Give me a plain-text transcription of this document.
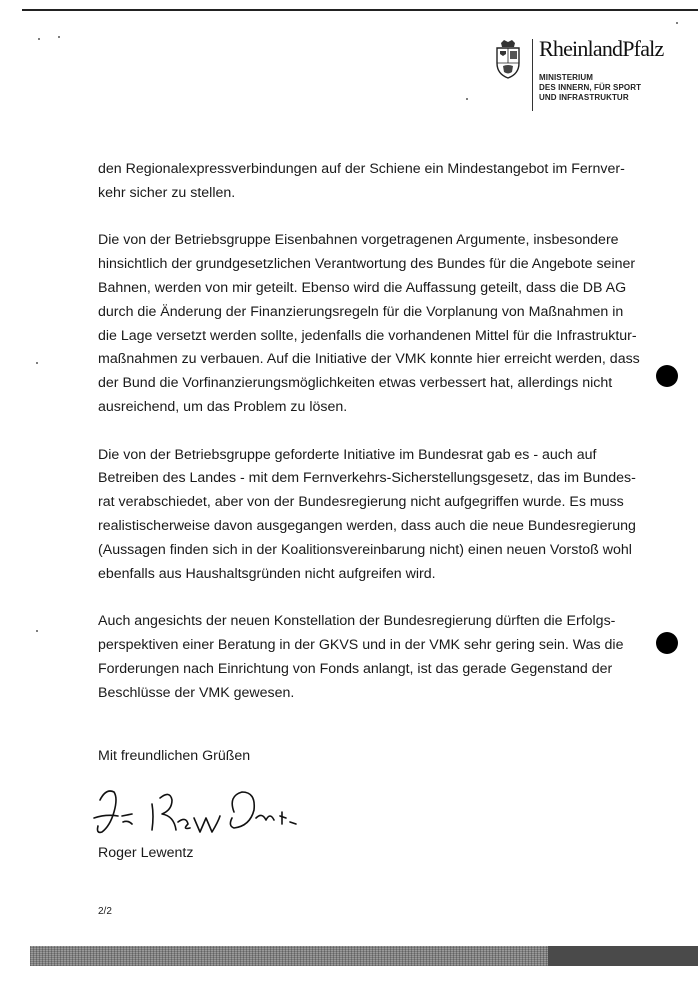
RheinlandPfalz
MINISTERIUM
DES INNERN, FÜR SPORT
UND INFRASTRUKTUR

den Regionalexpressverbindungen auf der Schiene ein Mindestangebot im Fernver-
kehr sicher zu stellen.

Die von der Betriebsgruppe Eisenbahnen vorgetragenen Argumente, insbesondere
hinsichtlich der grundgesetzlichen Verantwortung des Bundes für die Angebote seiner
Bahnen, werden von mir geteilt. Ebenso wird die Auffassung geteilt, dass die DB AG
durch die Änderung der Finanzierungsregeln für die Vorplanung von Maßnahmen in
die Lage versetzt werden sollte, jedenfalls die vorhandenen Mittel für die Infrastruktur-
maßnahmen zu verbauen. Auf die Initiative der VMK konnte hier erreicht werden, dass
der Bund die Vorfinanzierungsmöglichkeiten etwas verbessert hat, allerdings nicht
ausreichend, um das Problem zu lösen.

Die von der Betriebsgruppe geforderte Initiative im Bundesrat gab es - auch auf
Betreiben des Landes - mit dem Fernverkehrs-Sicherstellungsgesetz, das im Bundes-
rat verabschiedet, aber von der Bundesregierung nicht aufgegriffen wurde. Es muss
realistischerweise davon ausgegangen werden, dass auch die neue Bundesregierung
(Aussagen finden sich in der Koalitionsvereinbarung nicht) einen neuen Vorstoß wohl
ebenfalls aus Haushaltsgründen nicht aufgreifen wird.

Auch angesichts der neuen Konstellation der Bundesregierung dürften die Erfolgs-
perspektiven einer Beratung in der GKVS und in der VMK sehr gering sein. Was die
Forderungen nach Einrichtung von Fonds anlangt, ist das gerade Gegenstand der
Beschlüsse der VMK gewesen.

Mit freundlichen Grüßen
Roger Lewentz
2/2
